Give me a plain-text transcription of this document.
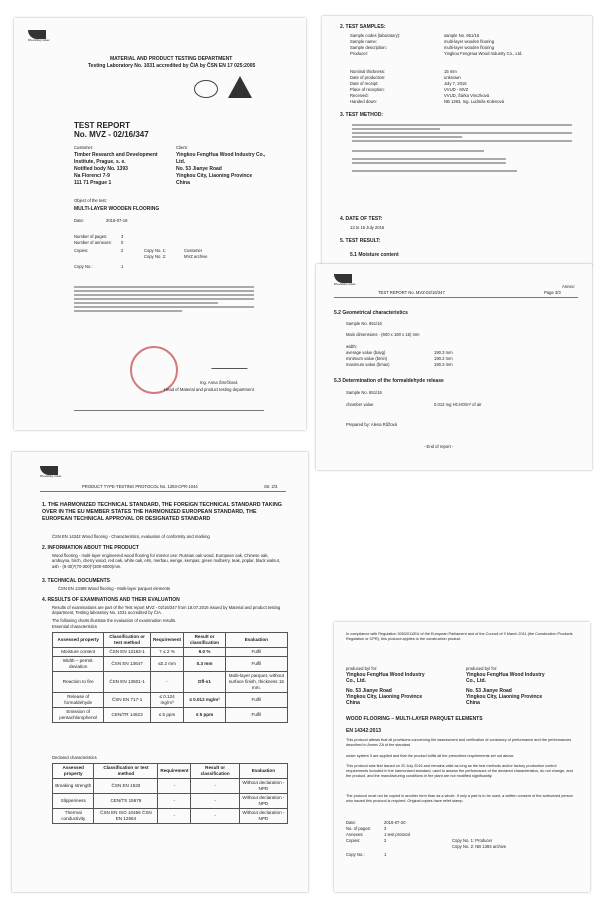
Dřevařský ústav
MATERIAL AND PRODUCT TESTING DEPARTMENT
Testing Laboratory No. 1031 accredited by ČIA by ČSN EN 17 025:2005
TEST REPORT
No. MVZ - 02/16/347
Customer:	Client:
Timber Research and Development
Institute, Prague, s. e.
Notified body No. 1393
Na Florenci 7-9
111 71 Prague 1
Yingkou FengHua Wood Industry Co.,
Ltd.
No. 53 Jianye Road
Yingkou City, Liaoning Province
China
Object of the test:
MULTI-LAYER WOODEN FLOORING
Date:	2016-07-18
Number of pages:	3
Number of annexes: 0
Copies:	2	Copy No. 1:	Customer
Copy No. 2:	MVZ archive
Copy No.:	1
Ing. Anna Šmrčková
Head of Material and product testing department
2. TEST SAMPLES:
Sample codes (laboratory):	sample No. 651/16
Sample name:	multi-layer wooden flooring
Sample description:	multi-layer wooden flooring
Producer:	Yingkou FengHua Wood Industry Co., Ltd.
Nominal thickness:	15 mm
Date of production:	unknown
Date of receipt:	July 7, 2016
Place of reception:	VVUD - MVZ
Received:	VVUD, Šárka Vinczková
Handed down:	NB 1393, Ing. Ludmila Kolenová
3. TEST METHOD:
4. DATE OF TEST:
13 to 15 July 2016
5. TEST RESULT:
5.1 Moisture content
Dřevařský ústav
TEST REPORT No. MVZ-02/16/347
Annex:
Page 3/3
5.2 Geometrical characteristics
Sample No. 651/16
Main dimensions - (600 x 190 x 15) mm
width:
average value (bavg)	190.3 mm
minimum value (bmin)	190.2 mm
maximum value (bmax)	190.3 mm
5.3 Determination of the formaldehyde release
Sample No. 651/16
chamber value	0.012 mg HCHO/m³ of air
Prepared by: Alena Růžová
- End of report -
Dřevařský ústav
PRODUCT TYPE-TESTING PROTOCOL No. 1393-CPR-1044	Str. 2/3
1. THE HARMONIZED TECHNICAL STANDARD, THE FOREIGN TECHNICAL STANDARD TAKING OVER IN THE EU MEMBER STATES THE HARMONIZED EUROPEAN STANDARD, THE EUROPEAN TECHNICAL APPROVAL OR DESIGNATED STANDARD
ČSN EN 14342 Wood flooring - Characteristics, evaluation of conformity and marking
2. INFORMATION ABOUT THE PRODUCT
Wood flooring - multi-layer engineered wood flooring for interior use: Russian oak wood, European oak, Chinese oak, ambuyna, birch, cherry wood, red oak, white oak, elm, merbau, wenge, kempas, green mulberry, teak, poplar, black walnut, ash - (8-30)*(70-300)*(300-6000)mm.
3. TECHNICAL DOCUMENTS
ČSN EN 13489 Wood flooring - Multi-layer parquet elements
4. RESULTS OF EXAMINATIONS AND THEIR EVALUATION
Results of examinations are part of the Test report MVZ - 02/16/347 from 18.07.2016 issued by Material and product testing department, Testing laboratory No. 1031 accredited by ČIA.
The following charts illustrate the evaluation of examination results.
Essential characteristics
Assessed property	Classification or test method	Requirement	Result or classification	Evaluation
Moisture content	ČSN EN 13183-1	7 ≤ 2 %	9.0 %	Fulfil
Width – permit. deviation	ČSN EN 13647	≤0.2 mm	0.3 mm	Fulfil
Reaction to fire	ČSN EN 13501-1	-	Dfl-s1	Multi-layer parquet, without surface finish, thickness 15 mm.
Release of formaldehyde	ČSN EN 717-1	≤ 0.124 mg/m³	≤ 0.012 mg/m³	Fulfil
Emission of pentachlorophenol	CEN/TR 14823	≤ 5 ppm	≤ 5 ppm	Fulfil
Declared characteristics
Assessed property	Classification or test method	Requirement	Result or classification	Evaluation
Breaking strength	ČSN EN 1533	-	-	Without declaration - NPD
Slipperiness	CEN/TS 15676	-	-	Without declaration - NPD
Thermal conductivity	ČSN EN ISO 10456 ČSN EN 12664	-	-	Without declaration - NPD
In compliance with Regulation 305/2011/EU of the European Parliament and of the Council of 9 March 2011 (the Construction Products Regulation or CPR), this protocol applies to the construction product
produced by/ for:
Yingkou FengHua Wood Industry
Co., Ltd.
No. 53 Jianye Road
Yingkou City, Liaoning Province
China
produced by/ for:
Yingkou FengHua Wood Industry
Co., Ltd.
No. 53 Jianye Road
Yingkou City, Liaoning Province
China
WOOD FLOORING – MULTI-LAYER PARQUET ELEMENTS
EN 14342:2013
This protocol attests that all provisions concerning the assessment and verification of constancy of performance and the performances described in Annex ZA of the standard
under system 3 are applied and that the product fulfils all the prescribed requirements set out above.
This protocol was first issued on 20 July 2016 and remains valid as long as the test methods and/or factory production control requirements included in the harmonised standard, used to assess the performance of the declared characteristics, do not change, and the product, and the manufacturing conditions in the plant are not modified significantly.
The protocol must not be copied in another form than as a whole. If only a part is to be used, a written consent of the authorized person who issued this protocol is required. Original copies have relief stamp.
Date:	2016-07-20
No. of pages:	3
Annexes:	1 test protocol
Copies:	2	Copy No. 1: Producer
Copy No. 2: NB 1393 archive
Copy No.:	1
